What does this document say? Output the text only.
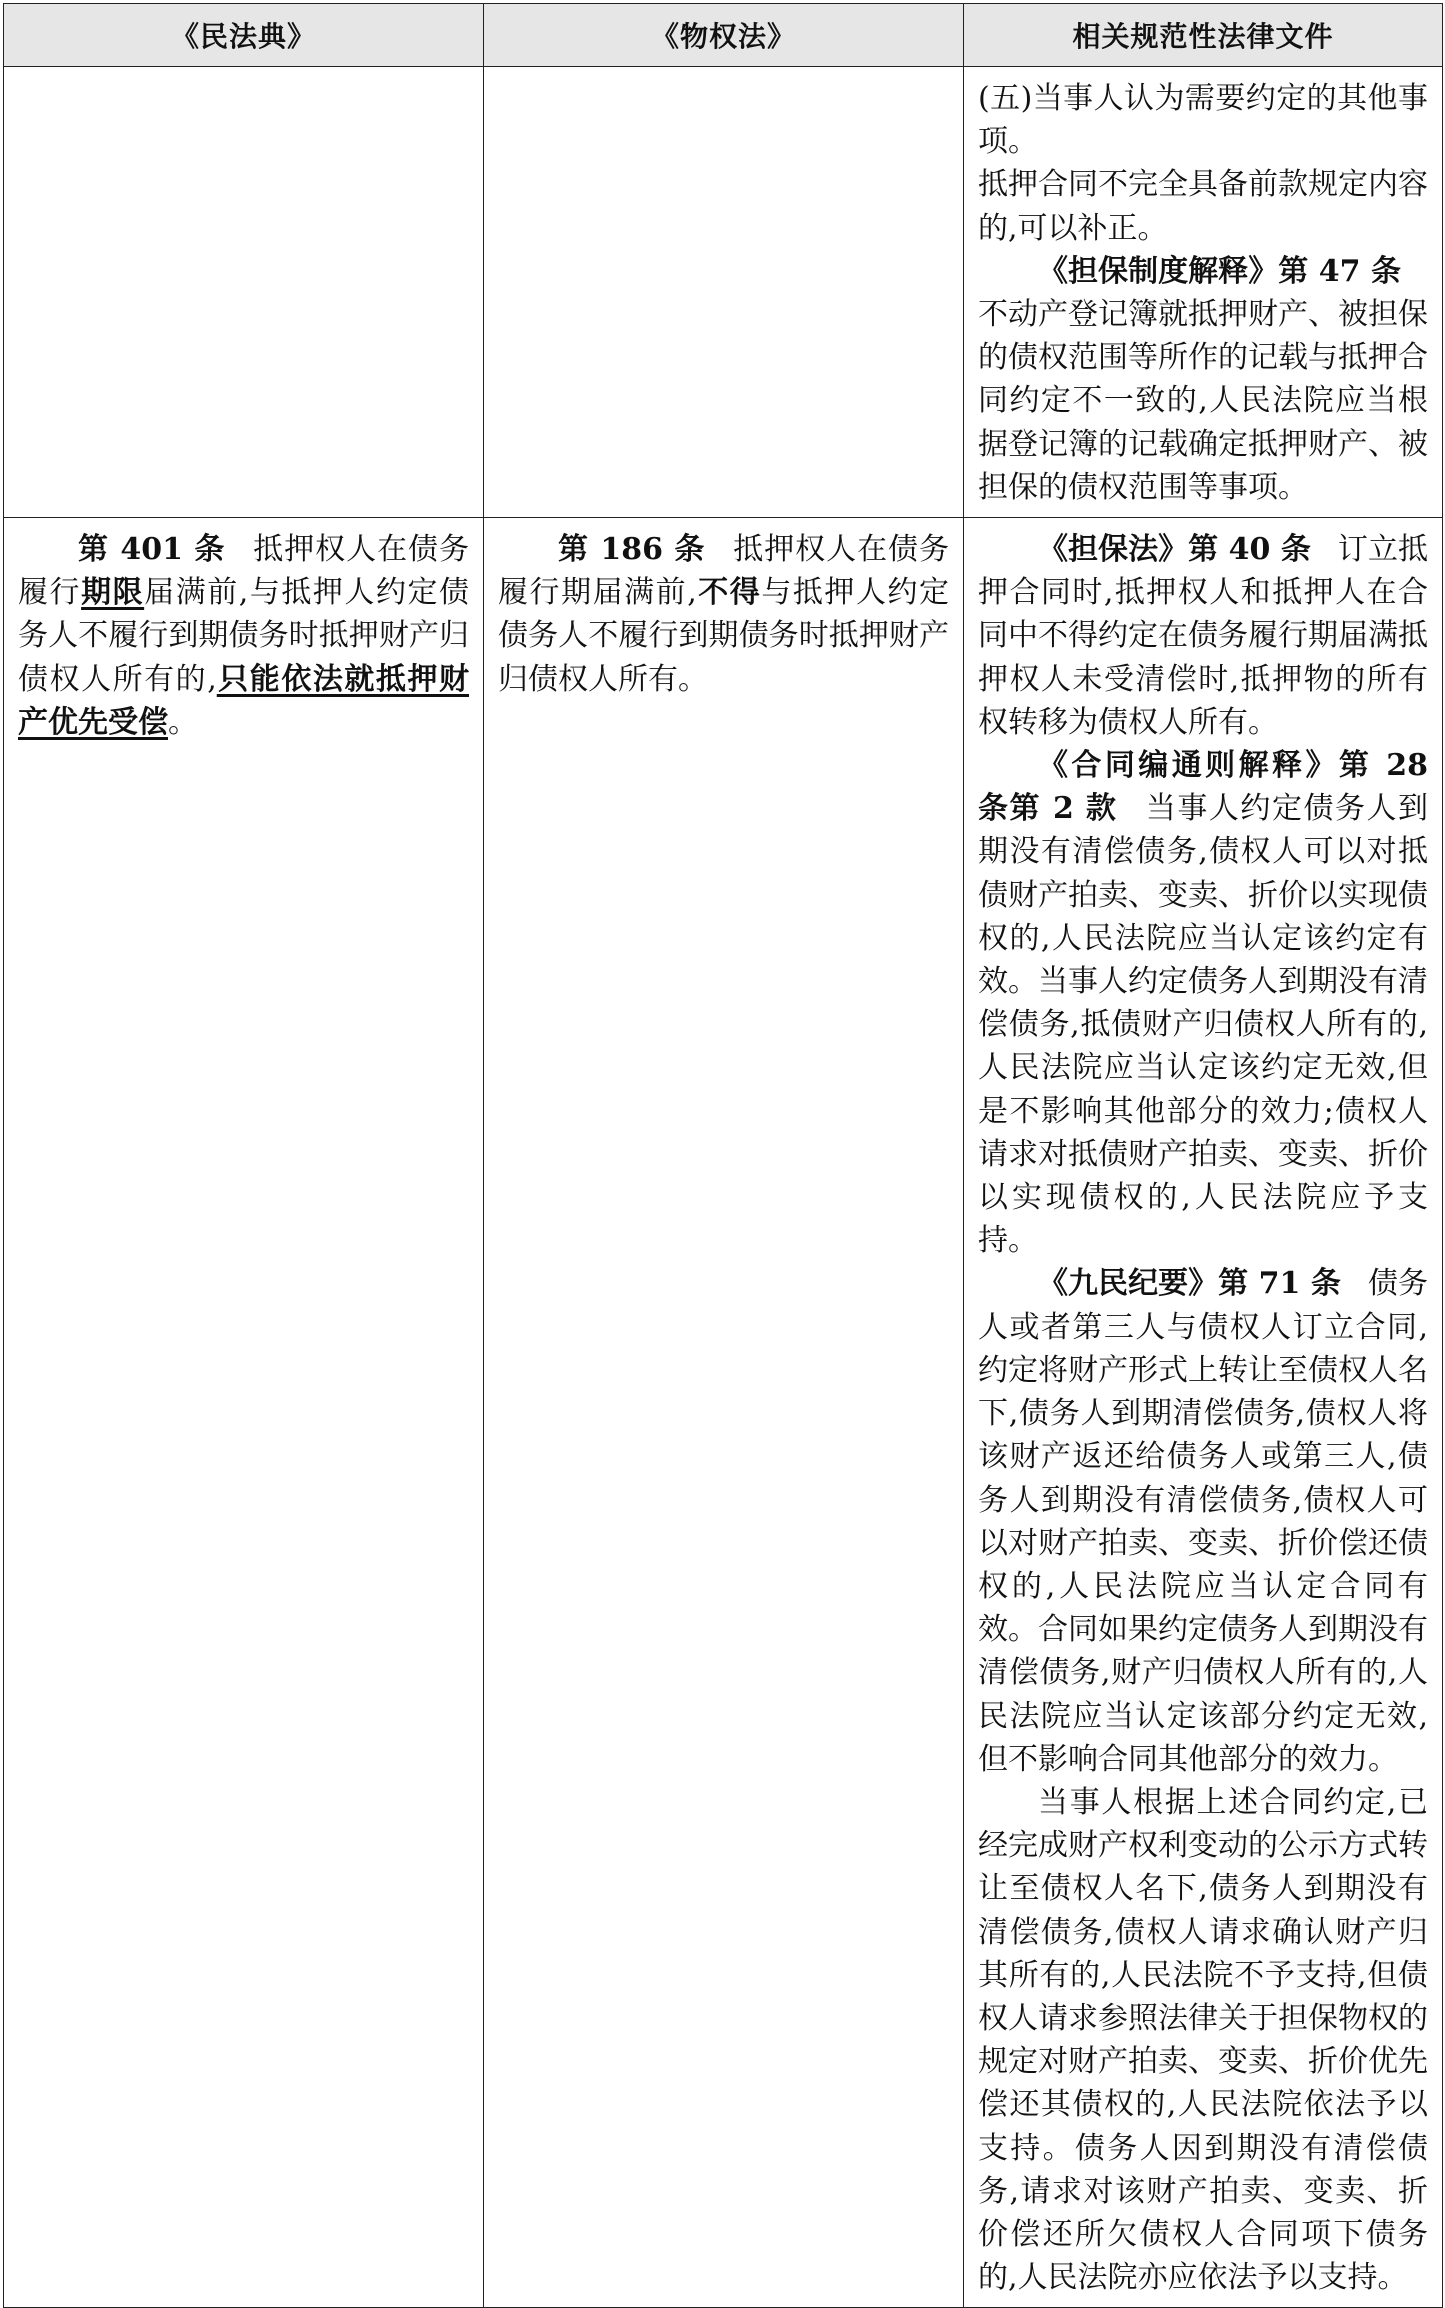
《民法典》	《物权法》	相关规范性法律文件

		(五)当事人认为需要约定的其他事项。

抵押合同不完全具备前款规定内容的,可以补正。

《担保制度解释》第 47 条不动产登记簿就抵押财产、被担保的债权范围等所作的记载与抵押合同约定不一致的,人民法院应当根据登记簿的记载确定抵押财产、被担保的债权范围等事项。

第 401 条 抵押权人在债务履行期限届满前,与抵押人约定债务人不履行到期债务时抵押财产归债权人所有的,只能依法就抵押财产优先受偿。	第 186 条 抵押权人在债务履行期届满前,不得与抵押人约定债务人不履行到期债务时抵押财产归债权人所有。	《担保法》第 40 条 订立抵押合同时,抵押权人和抵押人在合同中不得约定在债务履行期届满抵押权人未受清偿时,抵押物的所有权转移为债权人所有。

《合同编通则解释》第 28 条第 2 款 当事人约定债务人到期没有清偿债务,债权人可以对抵债财产拍卖、变卖、折价以实现债权的,人民法院应当认定该约定有效。当事人约定债务人到期没有清偿债务,抵债财产归债权人所有的,人民法院应当认定该约定无效,但是不影响其他部分的效力;债权人请求对抵债财产拍卖、变卖、折价以实现债权的,人民法院应予支持。

《九民纪要》第 71 条 债务人或者第三人与债权人订立合同,约定将财产形式上转让至债权人名下,债务人到期清偿债务,债权人将该财产返还给债务人或第三人,债务人到期没有清偿债务,债权人可以对财产拍卖、变卖、折价偿还债权的,人民法院应当认定合同有效。合同如果约定债务人到期没有清偿债务,财产归债权人所有的,人民法院应当认定该部分约定无效,但不影响合同其他部分的效力。

当事人根据上述合同约定,已经完成财产权利变动的公示方式转让至债权人名下,债务人到期没有清偿债务,债权人请求确认财产归其所有的,人民法院不予支持,但债权人请求参照法律关于担保物权的规定对财产拍卖、变卖、折价优先偿还其债权的,人民法院依法予以支持。债务人因到期没有清偿债务,请求对该财产拍卖、变卖、折价偿还所欠债权人合同项下债务的,人民法院亦应依法予以支持。
